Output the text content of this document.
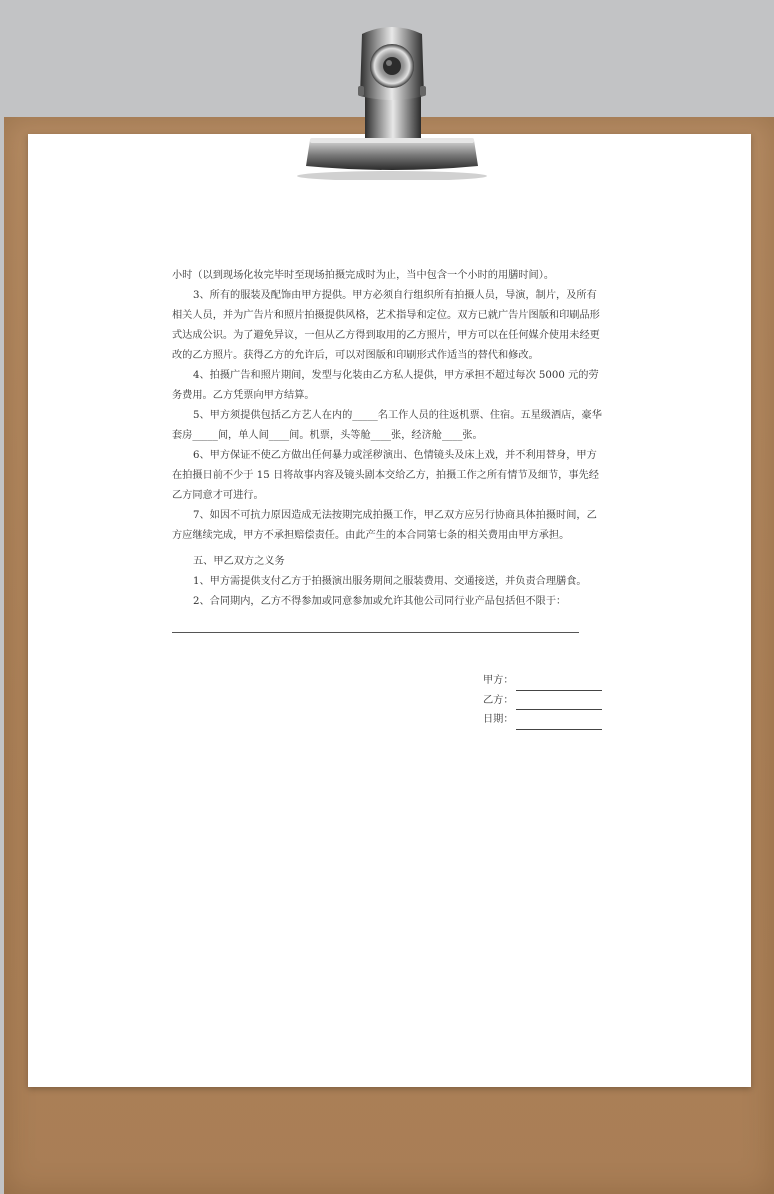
小时（以到现场化妆完毕时至现场拍摄完成时为止，当中包含一个小时的用膳时间）。

3、所有的服装及配饰由甲方提供。甲方必须自行组织所有拍摄人员，导演，制片，及所有相关人员，并为广告片和照片拍摄提供风格，艺术指导和定位。双方已就广告片图版和印刷品形式达成公识。为了避免异议，一但从乙方得到取用的乙方照片，甲方可以在任何媒介使用未经更改的乙方照片。获得乙方的允许后，可以对图版和印刷形式作适当的替代和修改。

4、拍摄广告和照片期间，发型与化装由乙方私人提供，甲方承担不超过每次 5000 元的劳务费用。乙方凭票向甲方结算。

5、甲方须提供包括乙方艺人在内的_____名工作人员的往返机票、住宿。五星级酒店，豪华套房_____间，单人间____间。机票，头等舱____张，经济舱____张。

6、甲方保证不使乙方做出任何暴力或淫秽演出、色情镜头及床上戏，并不利用替身，甲方在拍摄日前不少于 15 日将故事内容及镜头剧本交给乙方，拍摄工作之所有情节及细节，事先经乙方同意才可进行。

7、如因不可抗力原因造成无法按期完成拍摄工作，甲乙双方应另行协商具体拍摄时间，乙方应继续完成，甲方不承担赔偿责任。由此产生的本合同第七条的相关费用由甲方承担。

五、甲乙双方之义务

1、甲方需提供支付乙方于拍摄演出服务期间之服装费用、交通接送，并负责合理膳食。

2、合同期内，乙方不得参加或同意参加或允许其他公司同行业产品包括但不限于：

甲方：
乙方：
日期：
